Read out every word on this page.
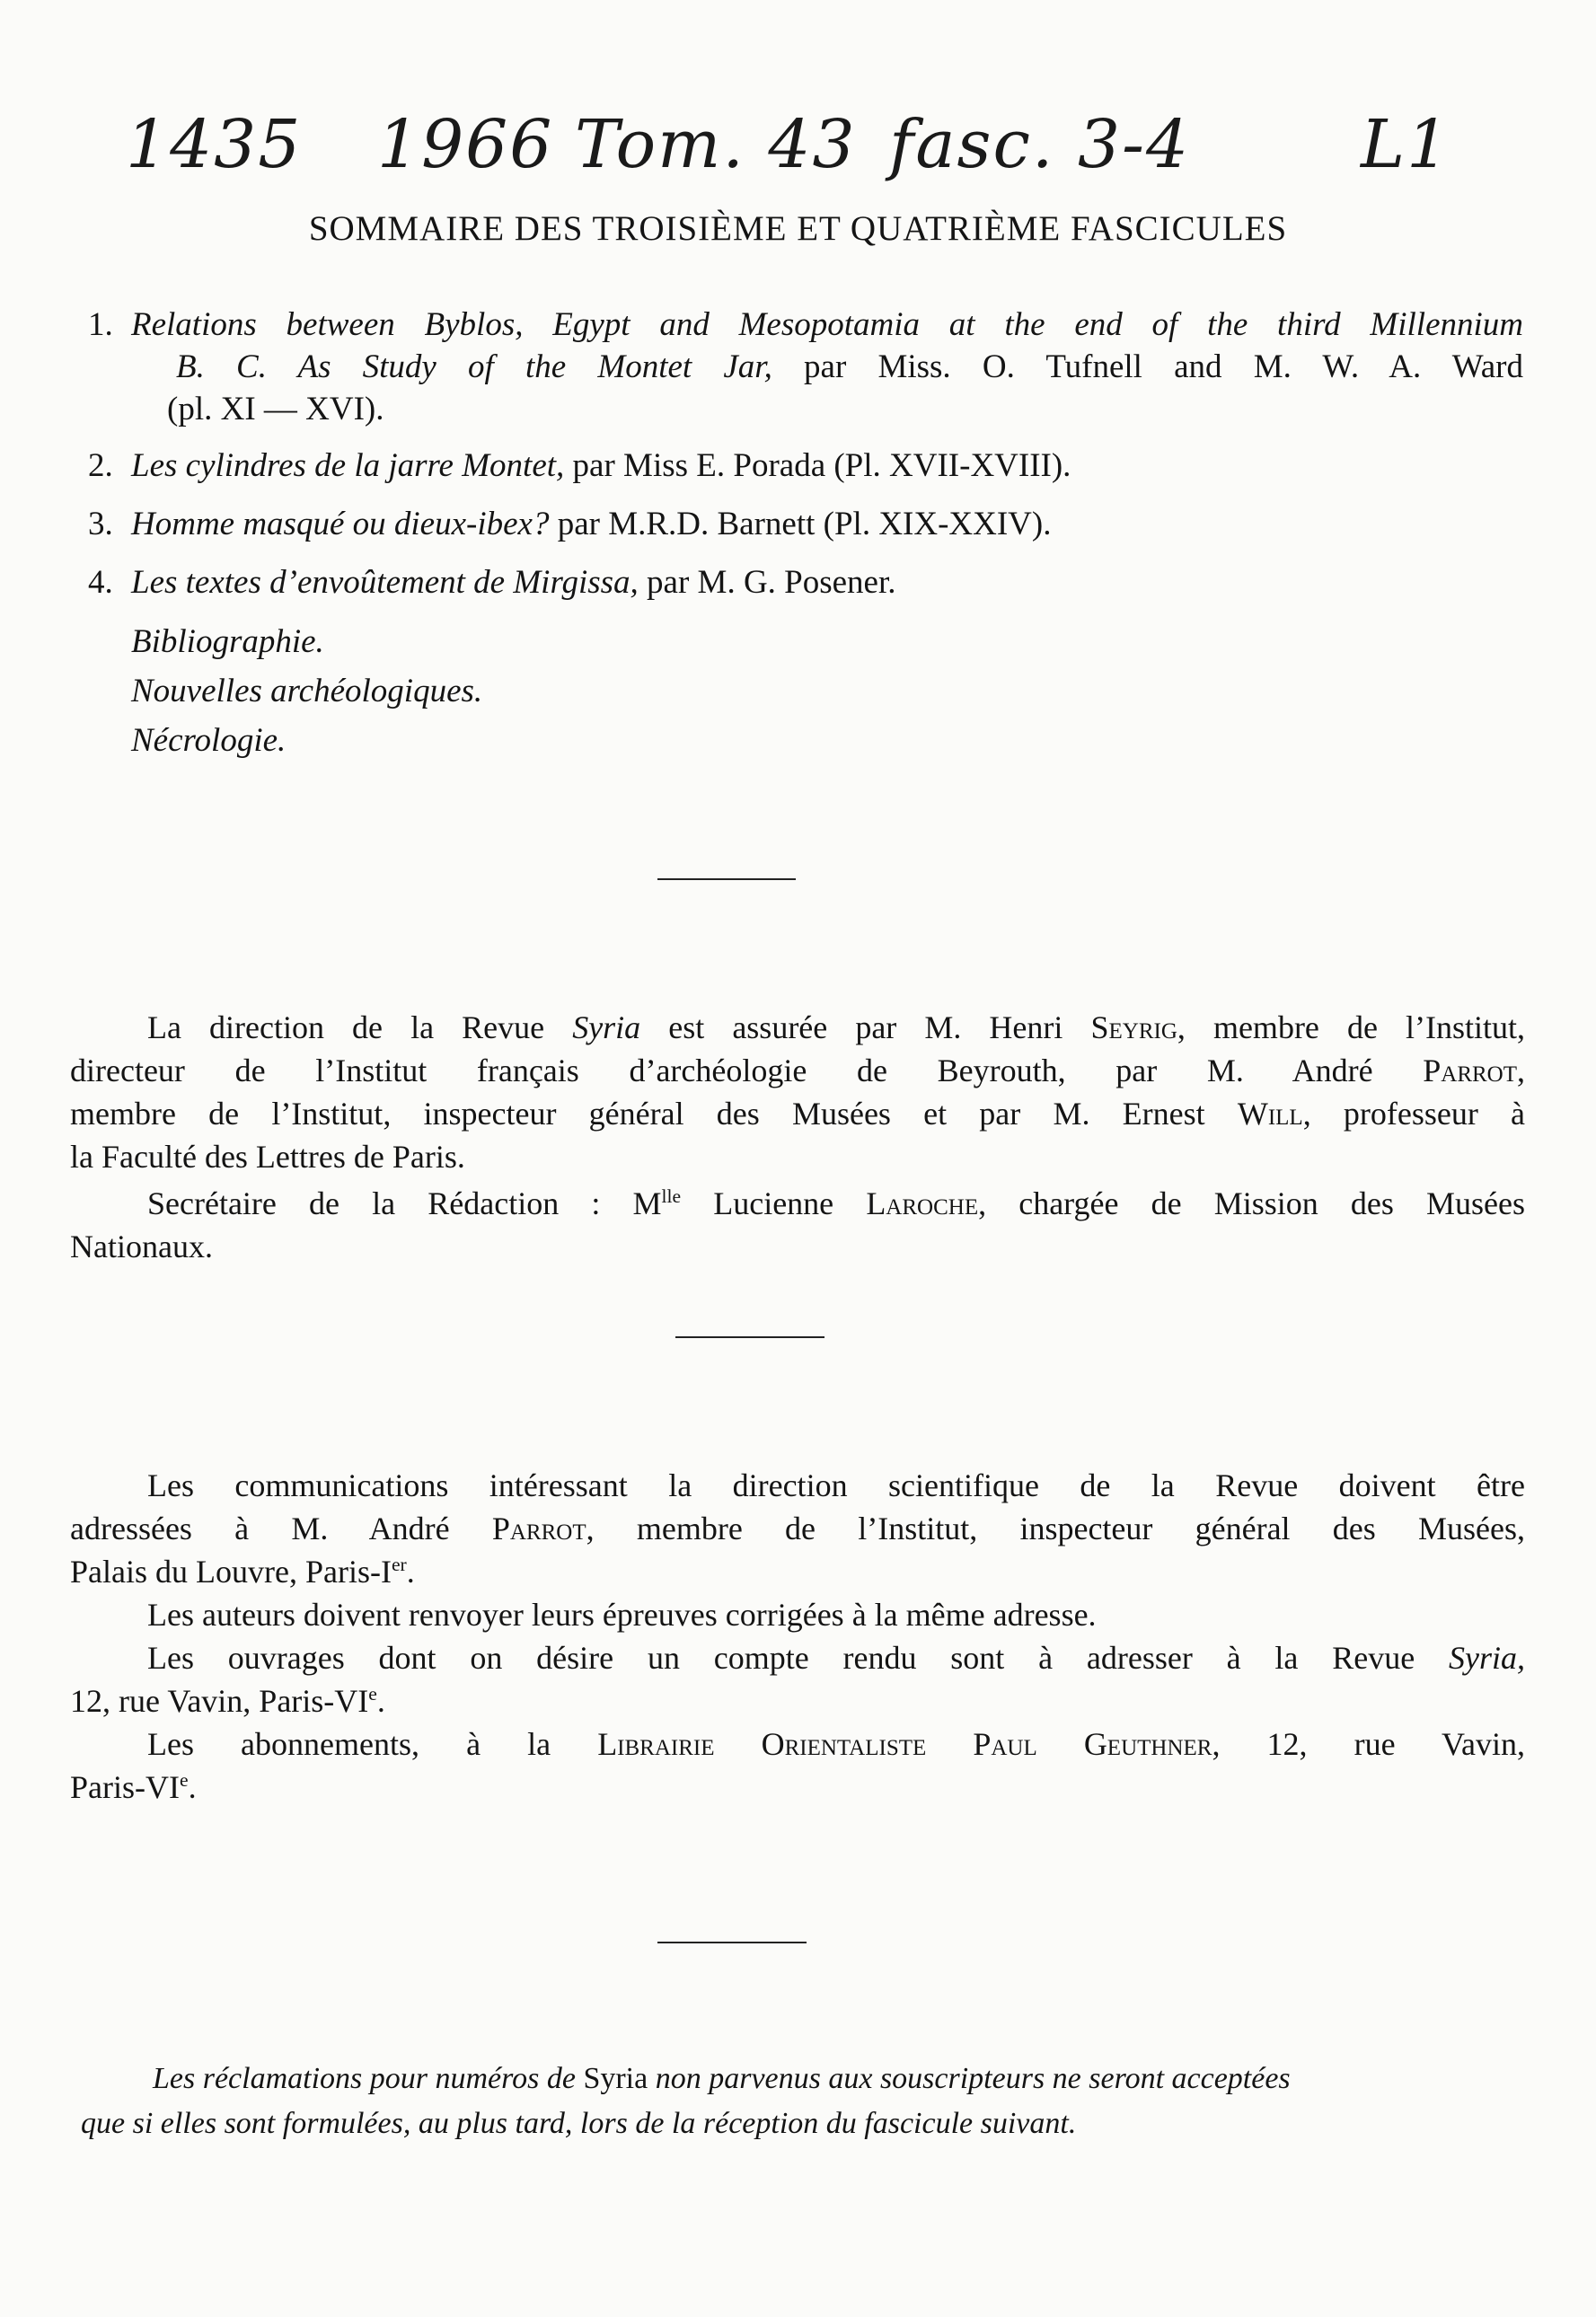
1435 1966 Tom. 43 fasc. 3-4	L1
SOMMAIRE DES TROISIÈME ET QUATRIÈME FASCICULES
1. Relations between Byblos, Egypt and Mesopotamia at the end of the third Millennium
B. C. As Study of the Montet Jar, par Miss. O. Tufnell and M. W. A. Ward
(pl. XI — XVI).
2. Les cylindres de la jarre Montet, par Miss E. Porada (Pl. XVII-XVIII).
3. Homme masqué ou dieux-ibex? par M.R.D. Barnett (Pl. XIX-XXIV).
4. Les textes d’envoûtement de Mirgissa, par M. G. Posener.
Bibliographie.
Nouvelles archéologiques.
Nécrologie.
La direction de la Revue Syria est assurée par M. Henri Seyrig, membre de l’Institut,
directeur de l’Institut français d’archéologie de Beyrouth, par M. André Parrot,
membre de l’Institut, inspecteur général des Musées et par M. Ernest Will, professeur à
la Faculté des Lettres de Paris.
Secrétaire de la Rédaction : $M^{lle}$ Lucienne Laroche, chargée de Mission des Musées
Nationaux.
Les communications intéressant la direction scientifique de la Revue doivent être
adressées à M. André Parrot, membre de l’Institut, inspecteur général des Musées,
Palais du Louvre, Paris-Ier.
Les auteurs doivent renvoyer leurs épreuves corrigées à la même adresse.
Les ouvrages dont on désire un compte rendu sont à adresser à la Revue Syria,
12, rue Vavin, Paris-VIe.
Les abonnements, à la Librairie Orientaliste Paul Geuthner, 12, rue Vavin,
Paris-VIe.
Les réclamations pour numéros de Syria non parvenus aux souscripteurs ne seront acceptées
que si elles sont formulées, au plus tard, lors de la réception du fascicule suivant.
